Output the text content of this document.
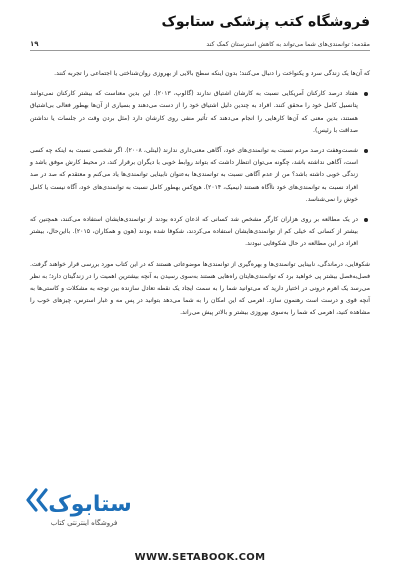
فروشگاه کتب پزشکی ستابوک
مقدمه: توانمندی‌های شما می‌تواند به کاهش استرستان کمک کند
۱۹

که آن‌ها یک زندگی سرد و یکنواخت را دنبال می‌کنند؛ بدون اینکه سطح بالایی از بهروزی روان‌شناختی یا اجتماعی را تجربه کنند.

هفتاد درصد کارکنان آمریکایی نسبت به کارشان اشتیاق ندارند (گالوپ، ۲۰۱۳). این بدین معناست که بیشتر کارکنان نمی‌توانند پتانسیل کامل خود را محقق کنند. افراد به چندین دلیل اشتیاق خود را از دست می‌دهند و بسیاری از آن‌ها بهطور فعالی بی‌اشتیاق هستند، بدین معنی که آن‌ها کارهایی را انجام می‌دهند که تأثیر منفی روی کارشان دارد (مثل بردن وقت در جلسات یا نداشتن صداقت با رئیس).
شصت‌وهفت درصد مردم نسبت به توانمندی‌های خود، آگاهی معنی‌داری ندارند (لینلی، ۲۰۰۸). اگر شخصی نسبت به اینکه چه کسی است، آگاهی نداشته باشد، چگونه می‌توان انتظار داشت که بتواند روابط خوبی با دیگران برقرار کند، در محیط کارش موفق باشد و زندگی خوبی داشته باشد؟ من از عدم آگاهی نسبت به توانمندی‌ها به‌عنوان نابینایی توانمندی‌ها یاد می‌کنم و معتقدم که صد در صد افراد نسبت به توانمندی‌های خود ناآگاه هستند (نیمیک، ۲۰۱۴). هیچ‌کس بهطور کامل نسبت به توانمندی‌های خود، آگاه نیست یا کامل خوش را نمی‌شناسد.
در یک مطالعه بر روی هزاران کارگر مشخص شد کسانی که اذعان کرده بودند از توانمندی‌هایشان استفاده می‌کنند، همچنین که بیشتر از کسانی که خیلی کم از توانمندی‌هایشان استفاده می‌کردند، شکوفا شده بودند (هون و همکاران، ۲۰۱۵). بااین‌حال، بیشتر افراد در این مطالعه در حال شکوفایی نبودند.

شکوفایی، درماندگی، نابینایی توانمندی‌ها و بهره‌گیری از توانمندی‌ها موضوعاتی هستند که در این کتاب مورد بررسی قرار خواهند گرفت. فصل‌به‌فصل بیشتر پی خواهید برد که توانمندی‌هایتان راه‌هایی هستند به‌سوی رسیدن به آنچه بیشترین اهمیت را در زندگیتان دارد؛ به نظر می‌رسد یک اهرم درونی در اختیار دارید که می‌توانید شما را به سمت ایجاد یک نقطه تعادل سازنده بین توجه به مشکلات و کاستی‌ها به آنچه قوی و درست است رهنمون سازد. اهرمی که این امکان را به شما می‌دهد بتوانید در پس مه و غبار استرس، چیزهای خوب را مشاهده کنید، اهرمی که شما را به‌سوی بهروزی بیشتر و بالاتر پیش می‌راند.

ستابوک
فروشگاه اینترنتی کتاب
WWW.SETABOOK.COM
